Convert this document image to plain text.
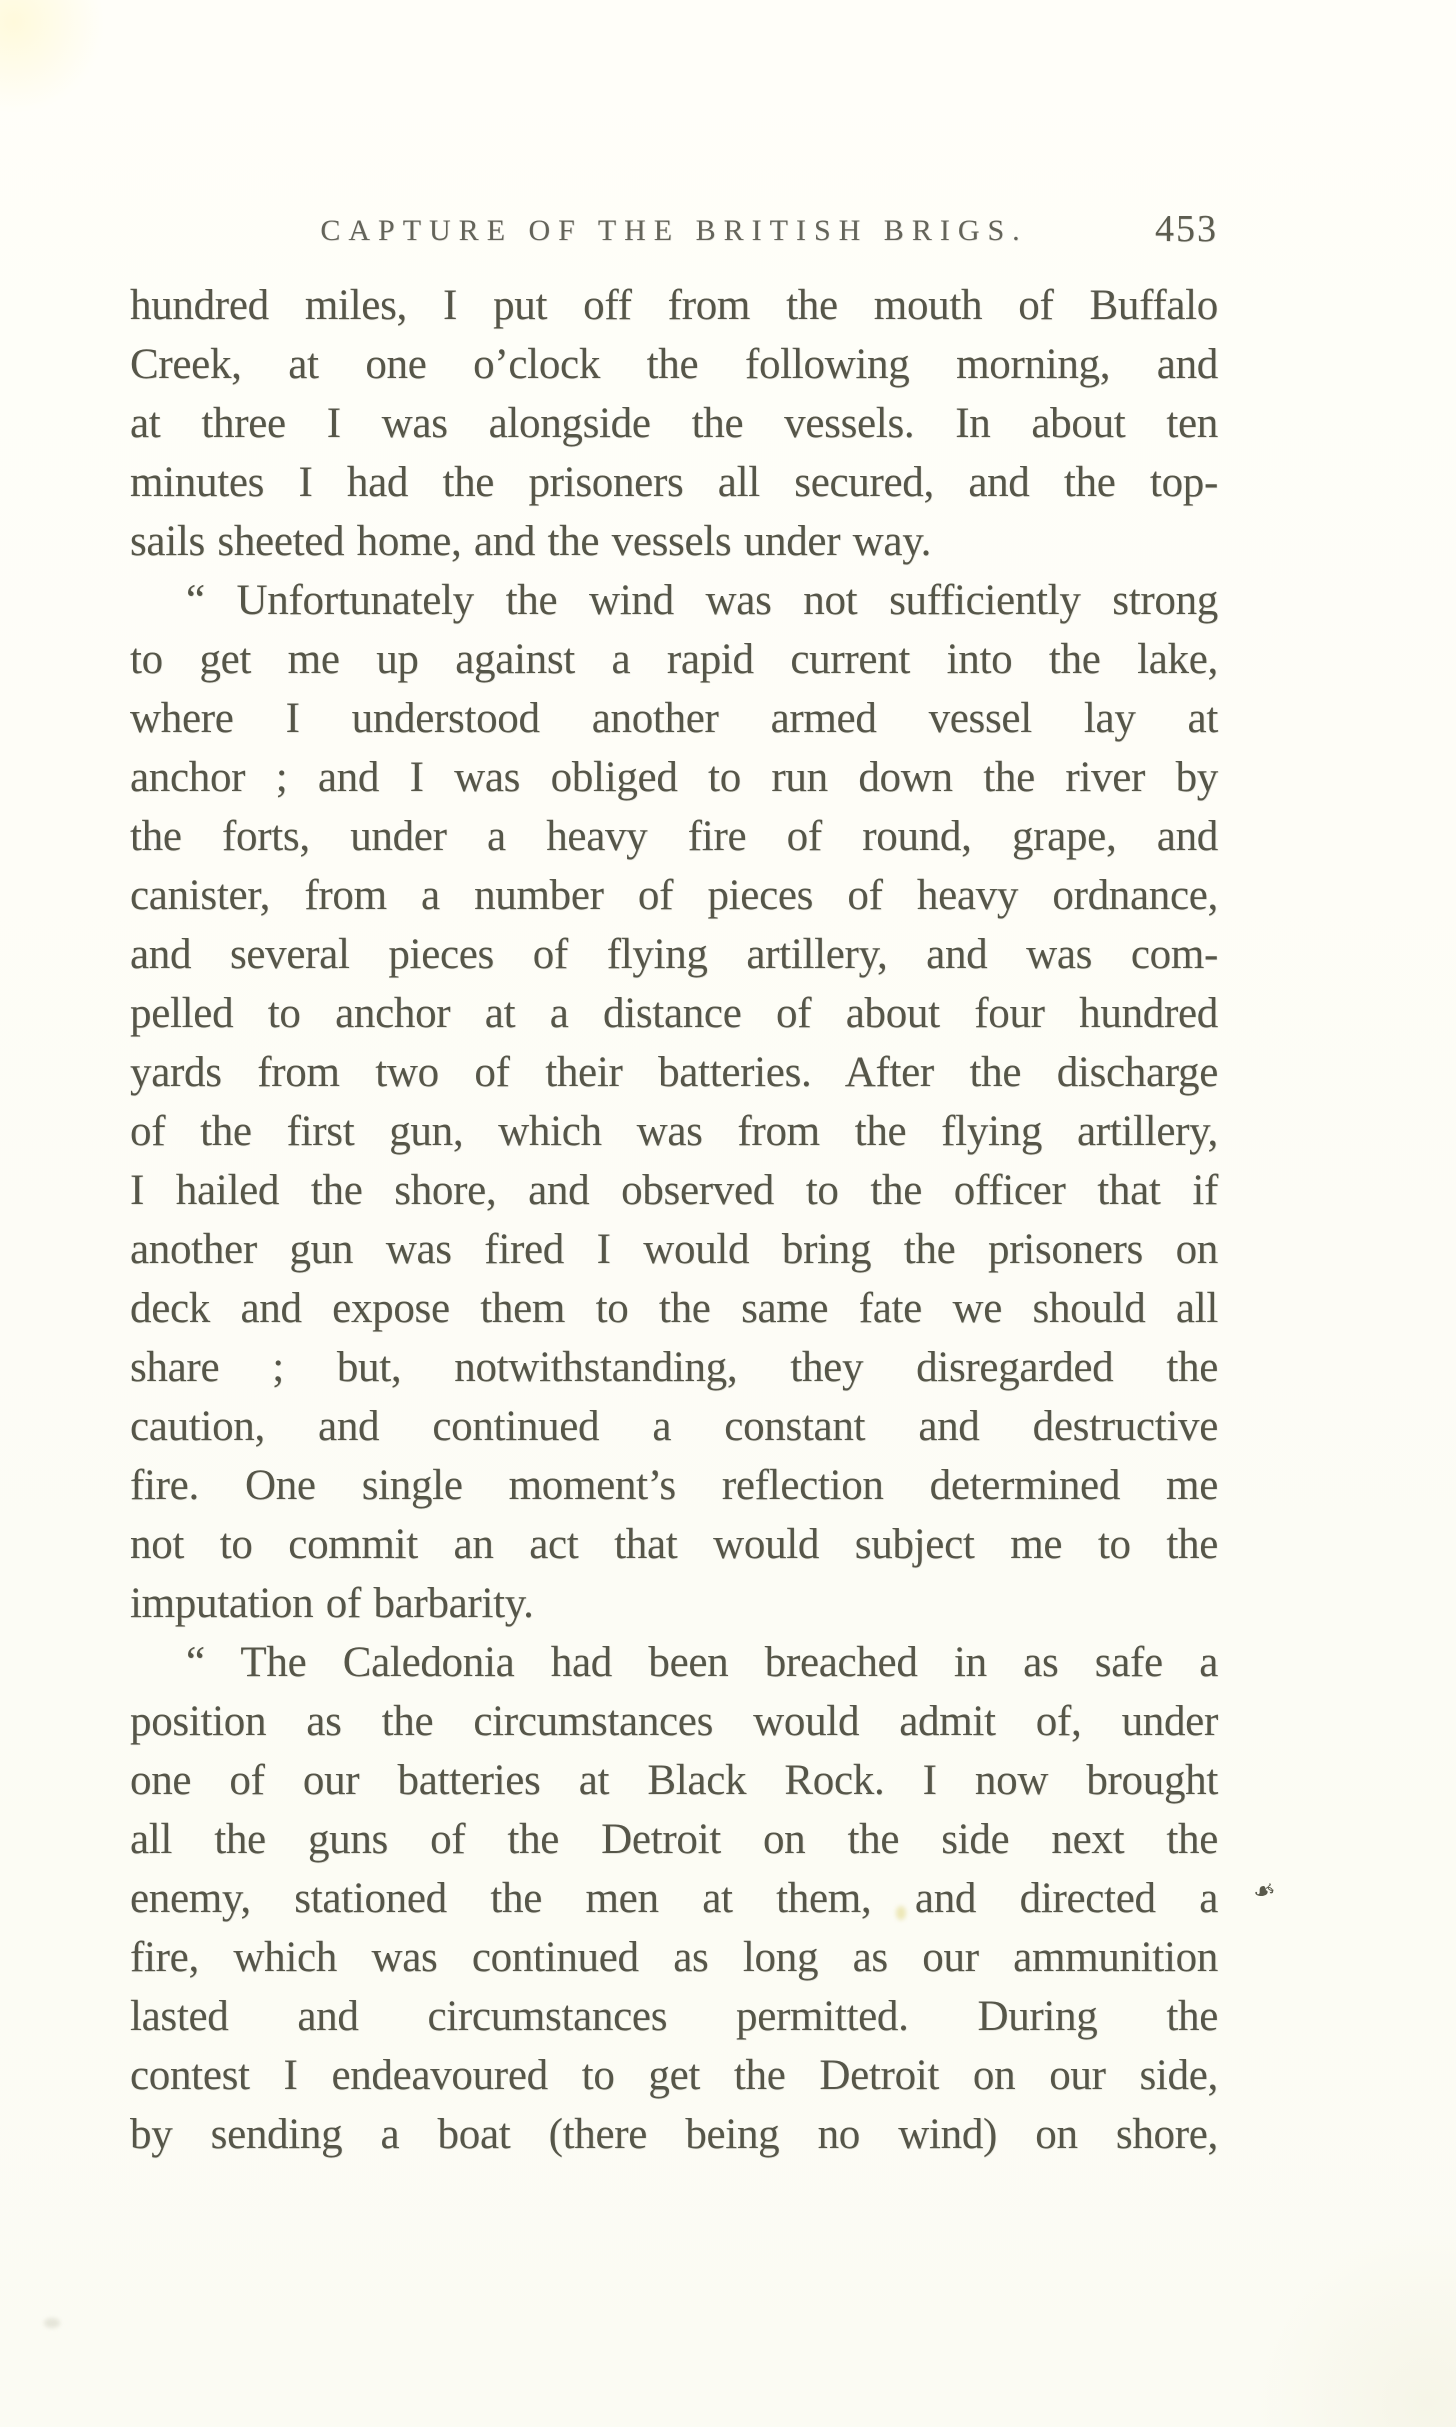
CAPTURE OF THE BRITISH BRIGS.	453
hundred miles, I put off from the mouth of Buffalo
Creek, at one o’clock the following morning, and
at three I was alongside the vessels. In about ten
minutes I had the prisoners all secured, and the top-
sails sheeted home, and the vessels under way.
“ Unfortunately the wind was not sufficiently strong
to get me up against a rapid current into the lake,
where I understood another armed vessel lay at
anchor ; and I was obliged to run down the river by
the forts, under a heavy fire of round, grape, and
canister, from a number of pieces of heavy ordnance,
and several pieces of flying artillery, and was com-
pelled to anchor at a distance of about four hundred
yards from two of their batteries. After the discharge
of the first gun, which was from the flying artillery,
I hailed the shore, and observed to the officer that if
another gun was fired I would bring the prisoners on
deck and expose them to the same fate we should all
share ; but, notwithstanding, they disregarded the
caution, and continued a constant and destructive
fire. One single moment’s reflection determined me
not to commit an act that would subject me to the
imputation of barbarity.
“ The Caledonia had been breached in as safe a
position as the circumstances would admit of, under
one of our batteries at Black Rock. I now brought
all the guns of the Detroit on the side next the
enemy, stationed the men at them, and directed a ❧
fire, which was continued as long as our ammunition
lasted and circumstances permitted. During the
contest I endeavoured to get the Detroit on our side,
by sending a boat (there being no wind) on shore,
